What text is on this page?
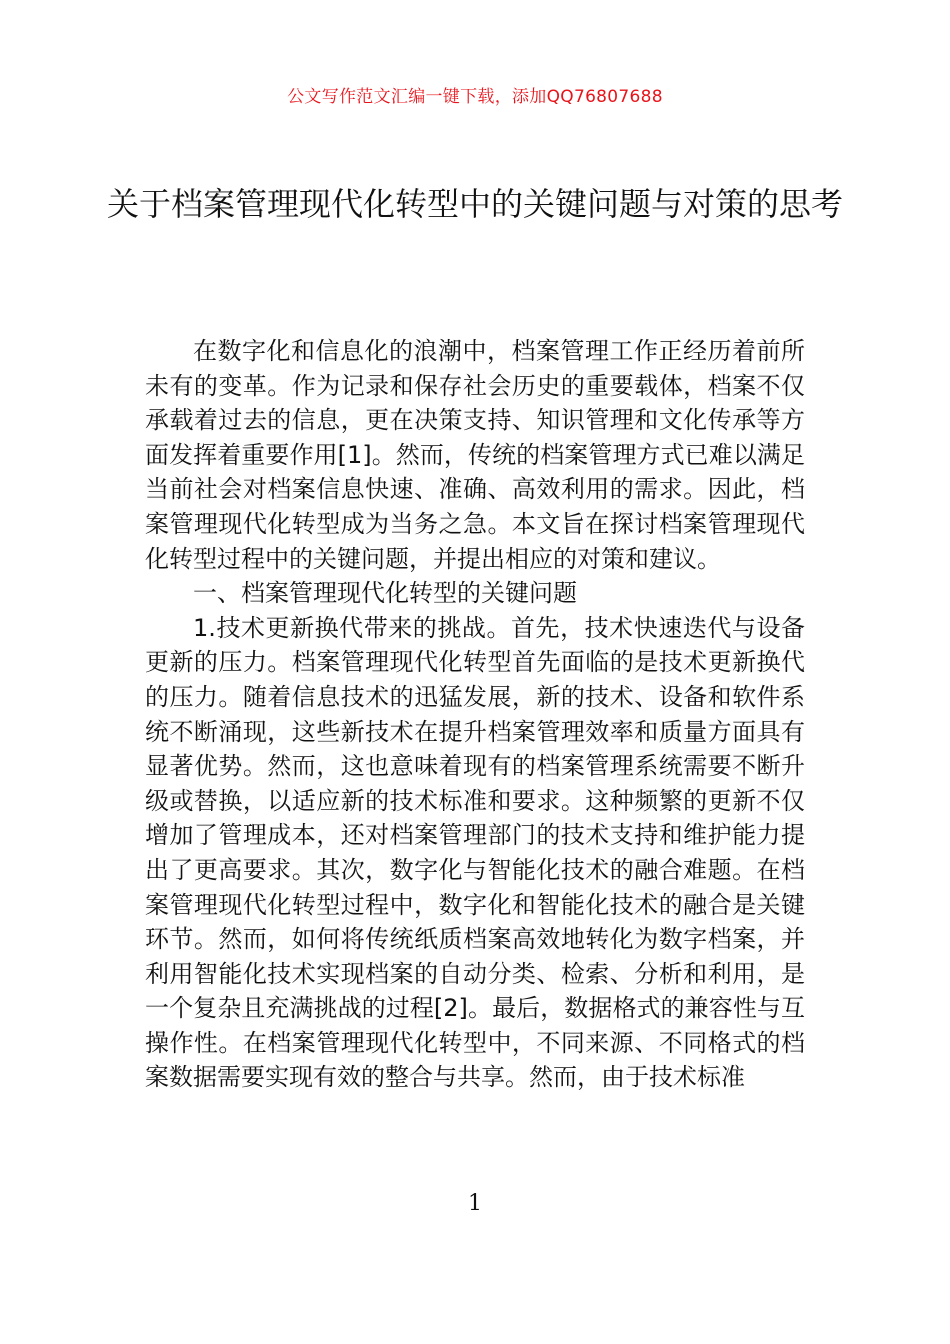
公文写作范文汇编一键下载，添加QQ76807688
关于档案管理现代化转型中的关键问题与对策的思考

在数字化和信息化的浪潮中，档案管理工作正经历着前所未有的变革。作为记录和保存社会历史的重要载体，档案不仅承载着过去的信息，更在决策支持、知识管理和文化传承等方面发挥着重要作用[1]。然而，传统的档案管理方式已难以满足当前社会对档案信息快速、准确、高效利用的需求。因此，档案管理现代化转型成为当务之急。本文旨在探讨档案管理现代化转型过程中的关键问题，并提出相应的对策和建议。

一、档案管理现代化转型的关键问题

1.技术更新换代带来的挑战。首先，技术快速迭代与设备更新的压力。档案管理现代化转型首先面临的是技术更新换代的压力。随着信息技术的迅猛发展，新的技术、设备和软件系统不断涌现，这些新技术在提升档案管理效率和质量方面具有显著优势。然而，这也意味着现有的档案管理系统需要不断升级或替换，以适应新的技术标准和要求。这种频繁的更新不仅增加了管理成本，还对档案管理部门的技术支持和维护能力提出了更高要求。其次，数字化与智能化技术的融合难题。在档案管理现代化转型过程中，数字化和智能化技术的融合是关键环节。然而，如何将传统纸质档案高效地转化为数字档案，并利用智能化技术实现档案的自动分类、检索、分析和利用，是一个复杂且充满挑战的过程[2]。最后，数据格式的兼容性与互操作性。在档案管理现代化转型中，不同来源、不同格式的档案数据需要实现有效的整合与共享。然而，由于技术标准

1
